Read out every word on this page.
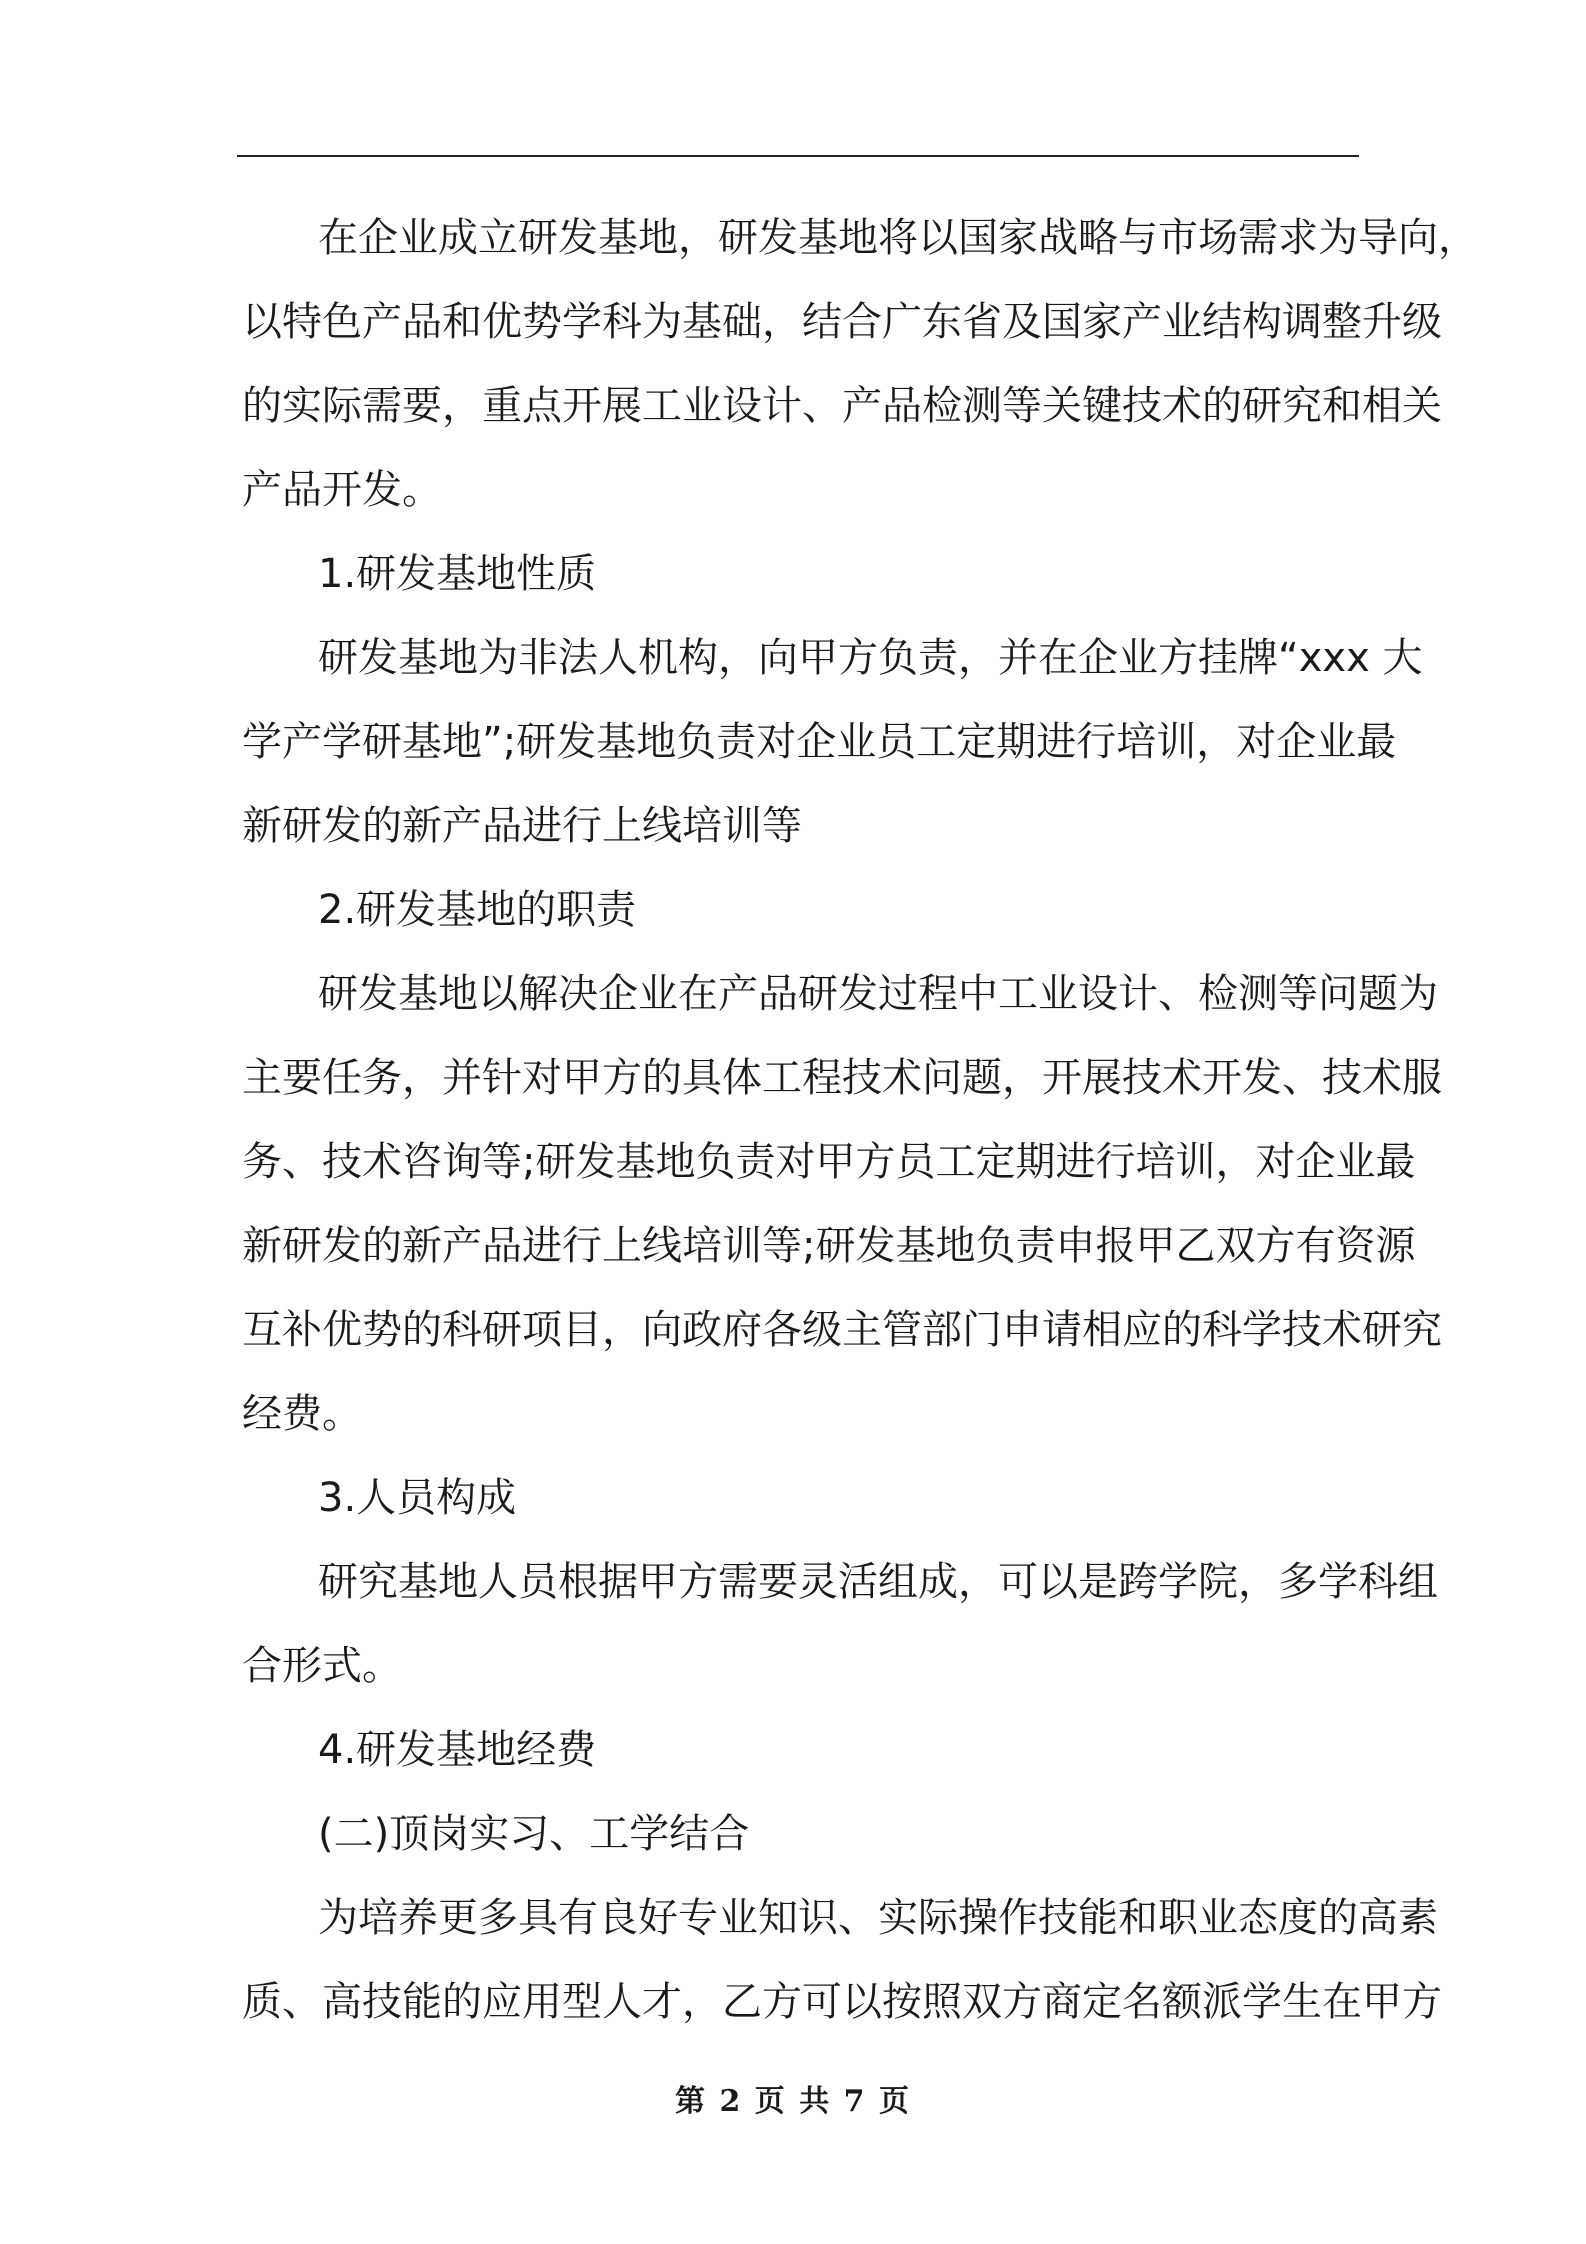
在企业成立研发基地，研发基地将以国家战略与市场需求为导向，
以特色产品和优势学科为基础，结合广东省及国家产业结构调整升级
的实际需要，重点开展工业设计、产品检测等关键技术的研究和相关
产品开发。
1.研发基地性质
研发基地为非法人机构，向甲方负责，并在企业方挂牌“xxx 大
学产学研基地”;研发基地负责对企业员工定期进行培训，对企业最
新研发的新产品进行上线培训等
2.研发基地的职责
研发基地以解决企业在产品研发过程中工业设计、检测等问题为
主要任务，并针对甲方的具体工程技术问题，开展技术开发、技术服
务、技术咨询等;研发基地负责对甲方员工定期进行培训，对企业最
新研发的新产品进行上线培训等;研发基地负责申报甲乙双方有资源
互补优势的科研项目，向政府各级主管部门申请相应的科学技术研究
经费。
3.人员构成
研究基地人员根据甲方需要灵活组成，可以是跨学院，多学科组
合形式。
4.研发基地经费
(二)顶岗实习、工学结合
为培养更多具有良好专业知识、实际操作技能和职业态度的高素
质、高技能的应用型人才，乙方可以按照双方商定名额派学生在甲方
第 2 页 共 7 页
